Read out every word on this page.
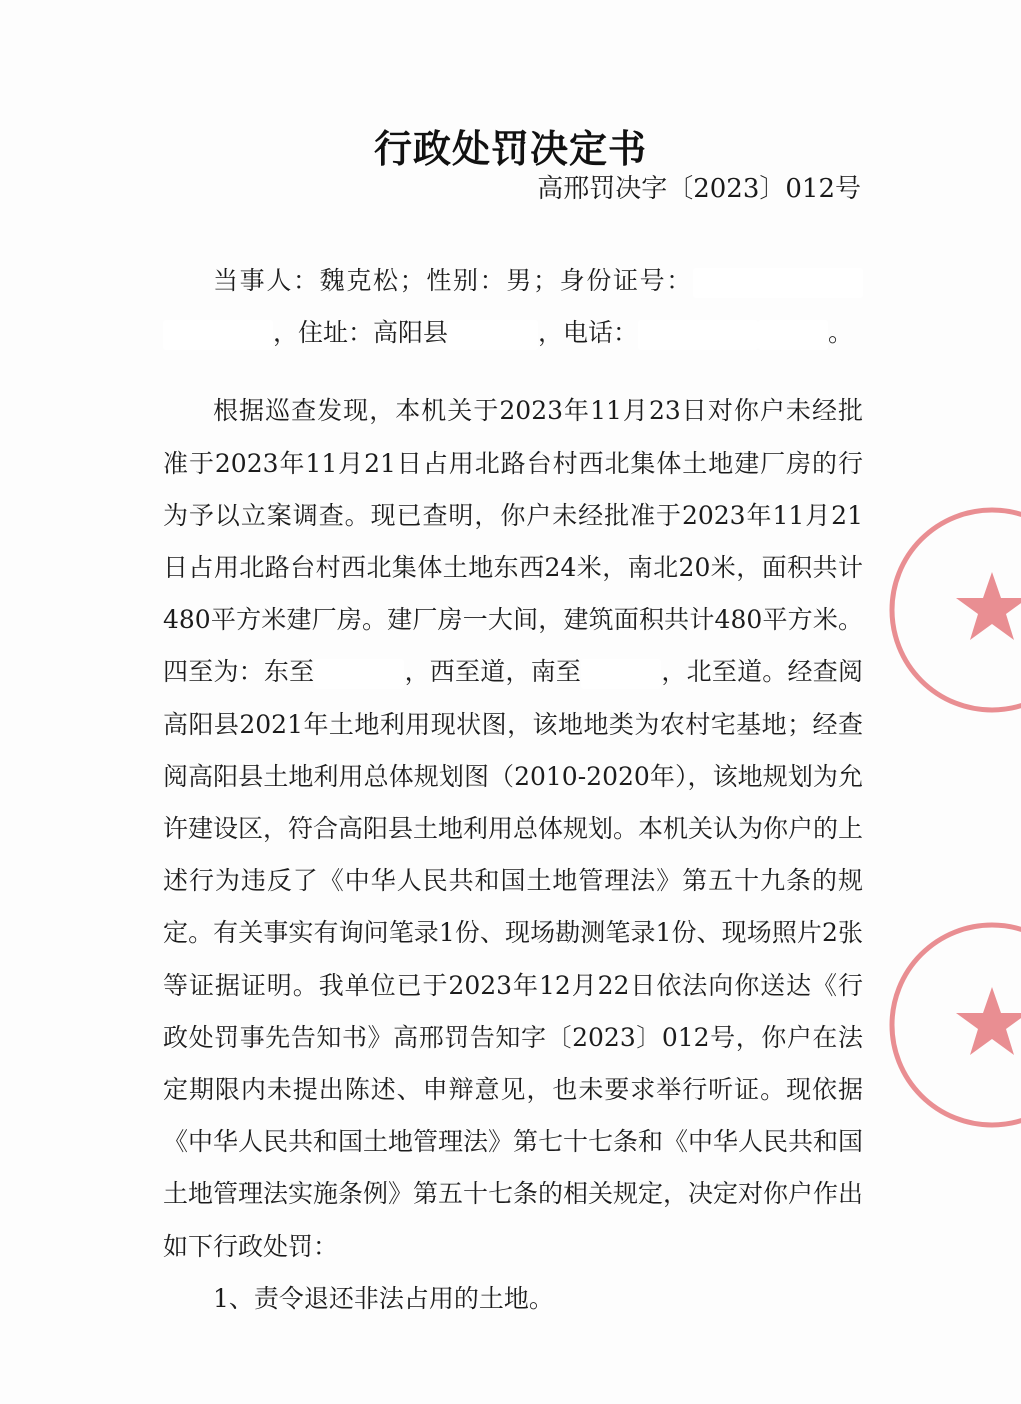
行政处罚决定书
高邢罚决字〔2023〕012号

当事人：魏克松；性别：男；身份证号：，住址：高阳县	，电话：	。

根据巡查发现，本机关于2023年11月23日对你户未经批准于2023年11月21日占用北路台村西北集体土地建厂房的行为予以立案调查。现已查明，你户未经批准于2023年11月21日占用北路台村西北集体土地东西24米，南北20米，面积共计480平方米建厂房。建厂房一大间，建筑面积共计480平方米。四至为：东至	，西至道，南至	，北至道。经查阅高阳县2021年土地利用现状图，该地地类为农村宅基地；经查阅高阳县土地利用总体规划图（2010-2020年），该地规划为允许建设区，符合高阳县土地利用总体规划。本机关认为你户的上述行为违反了《中华人民共和国土地管理法》第五十九条的规定。有关事实有询问笔录1份、现场勘测笔录1份、现场照片2张等证据证明。我单位已于2023年12月22日依法向你送达《行政处罚事先告知书》高邢罚告知字〔2023〕012号，你户在法定期限内未提出陈述、申辩意见，也未要求举行听证。现依据《中华人民共和国土地管理法》第七十七条和《中华人民共和国土地管理法实施条例》第五十七条的相关规定，决定对你户作出如下行政处罚：

1、责令退还非法占用的土地。
